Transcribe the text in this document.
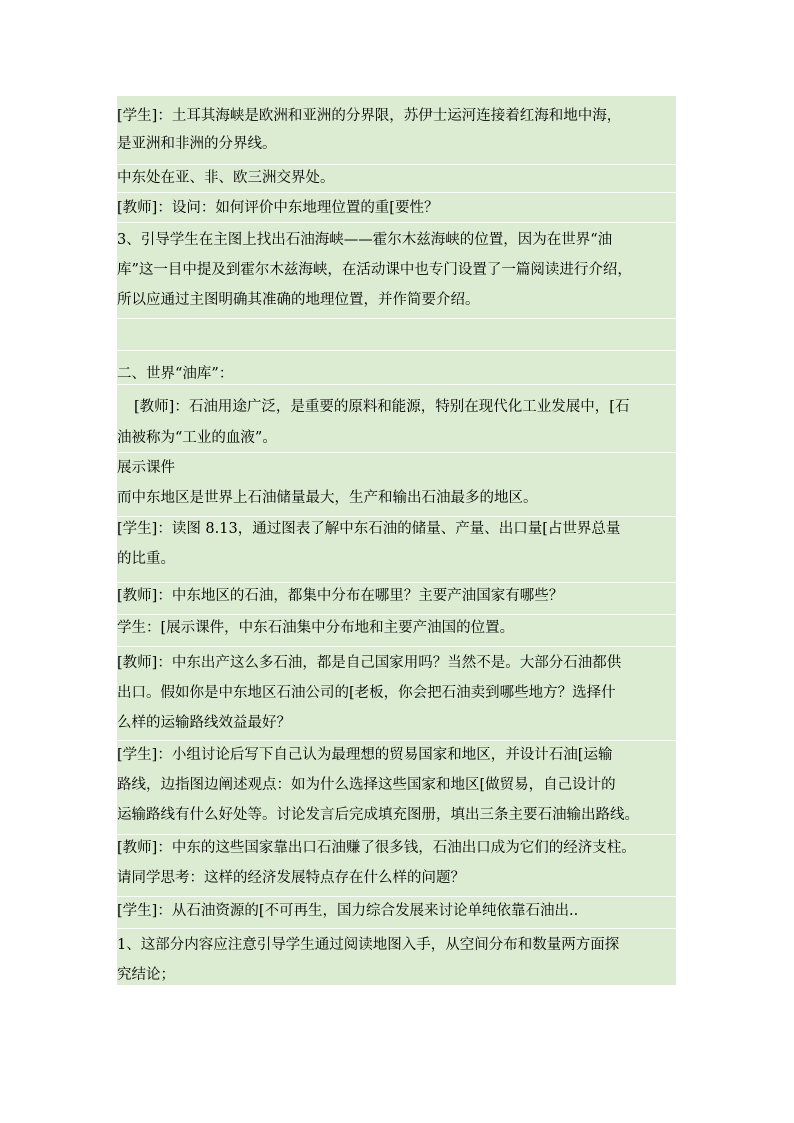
[学生]：土耳其海峡是欧洲和亚洲的分界限，苏伊士运河连接着红海和地中海，
是亚洲和非洲的分界线。
中东处在亚、非、欧三洲交界处。
[教师]：设问：如何评价中东地理位置的重[要性？
3、引导学生在主图上找出石油海峡——霍尔木兹海峡的位置，因为在世界“油
库”这一目中提及到霍尔木兹海峡，在活动课中也专门设置了一篇阅读进行介绍，
所以应通过主图明确其准确的地理位置，并作简要介绍。
二、世界“油库”：
[教师]：石油用途广泛，是重要的原料和能源，特别在现代化工业发展中，[石
油被称为“工业的血液”。
展示课件
而中东地区是世界上石油储量最大，生产和输出石油最多的地区。
[学生]：读图 8.13，通过图表了解中东石油的储量、产量、出口量[占世界总量
的比重。
[教师]：中东地区的石油，都集中分布在哪里？主要产油国家有哪些？
学生：[展示课件，中东石油集中分布地和主要产油国的位置。
[教师]：中东出产这么多石油，都是自己国家用吗？当然不是。大部分石油都供
出口。假如你是中东地区石油公司的[老板，你会把石油卖到哪些地方？选择什
么样的运输路线效益最好？
[学生]：小组讨论后写下自己认为最理想的贸易国家和地区，并设计石油[运输
路线，边指图边阐述观点：如为什么选择这些国家和地区[做贸易，自己设计的
运输路线有什么好处等。讨论发言后完成填充图册，填出三条主要石油输出路线。
[教师]：中东的这些国家靠出口石油赚了很多钱，石油出口成为它们的经济支柱。
请同学思考：这样的经济发展特点存在什么样的问题？
[学生]：从石油资源的[不可再生，国力综合发展来讨论单纯依靠石油出..
1、这部分内容应注意引导学生通过阅读地图入手，从空间分布和数量两方面探
究结论；
